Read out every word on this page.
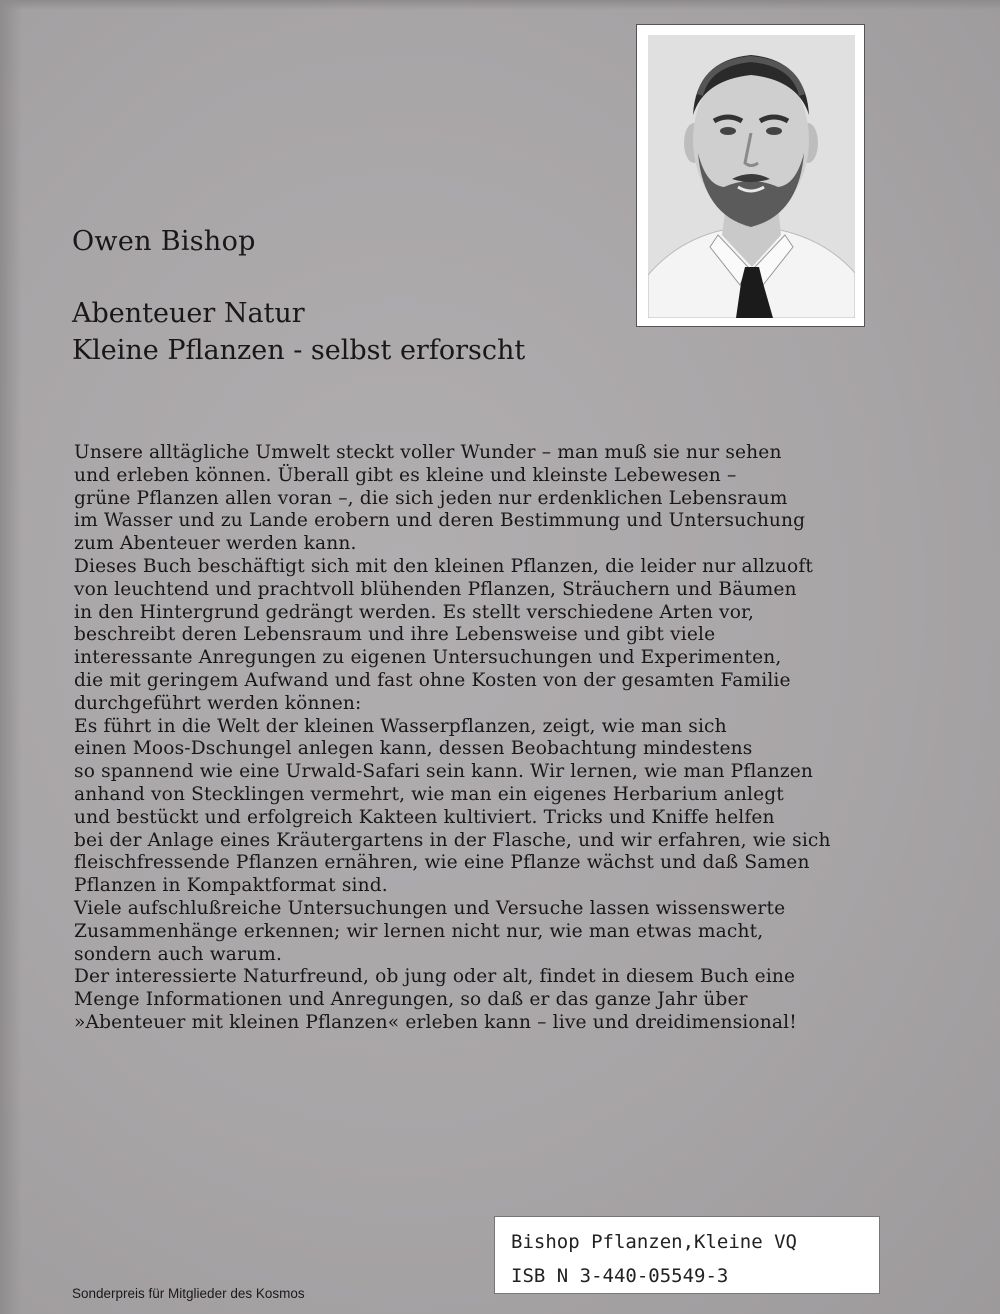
Owen Bishop
Abenteuer Natur
Kleine Pflanzen - selbst erforscht
Unsere alltägliche Umwelt steckt voller Wunder – man muß sie nur sehen
und erleben können. Überall gibt es kleine und kleinste Lebewesen –
grüne Pflanzen allen voran –, die sich jeden nur erdenklichen Lebensraum
im Wasser und zu Lande erobern und deren Bestimmung und Untersuchung
zum Abenteuer werden kann.
Dieses Buch beschäftigt sich mit den kleinen Pflanzen, die leider nur allzuoft
von leuchtend und prachtvoll blühenden Pflanzen, Sträuchern und Bäumen
in den Hintergrund gedrängt werden. Es stellt verschiedene Arten vor,
beschreibt deren Lebensraum und ihre Lebensweise und gibt viele
interessante Anregungen zu eigenen Untersuchungen und Experimenten,
die mit geringem Aufwand und fast ohne Kosten von der gesamten Familie
durchgeführt werden können:
Es führt in die Welt der kleinen Wasserpflanzen, zeigt, wie man sich
einen Moos-Dschungel anlegen kann, dessen Beobachtung mindestens
so spannend wie eine Urwald-Safari sein kann. Wir lernen, wie man Pflanzen
anhand von Stecklingen vermehrt, wie man ein eigenes Herbarium anlegt
und bestückt und erfolgreich Kakteen kultiviert. Tricks und Kniffe helfen
bei der Anlage eines Kräutergartens in der Flasche, und wir erfahren, wie sich
fleischfressende Pflanzen ernähren, wie eine Pflanze wächst und daß Samen
Pflanzen in Kompaktformat sind.
Viele aufschlußreiche Untersuchungen und Versuche lassen wissenswerte
Zusammenhänge erkennen; wir lernen nicht nur, wie man etwas macht,
sondern auch warum.
Der interessierte Naturfreund, ob jung oder alt, findet in diesem Buch eine
Menge Informationen und Anregungen, so daß er das ganze Jahr über
»Abenteuer mit kleinen Pflanzen« erleben kann – live und dreidimensional!
Bishop Pflanzen,Kleine VQ
ISB N 3-440-05549-3
Sonderpreis für Mitglieder des Kosmos
